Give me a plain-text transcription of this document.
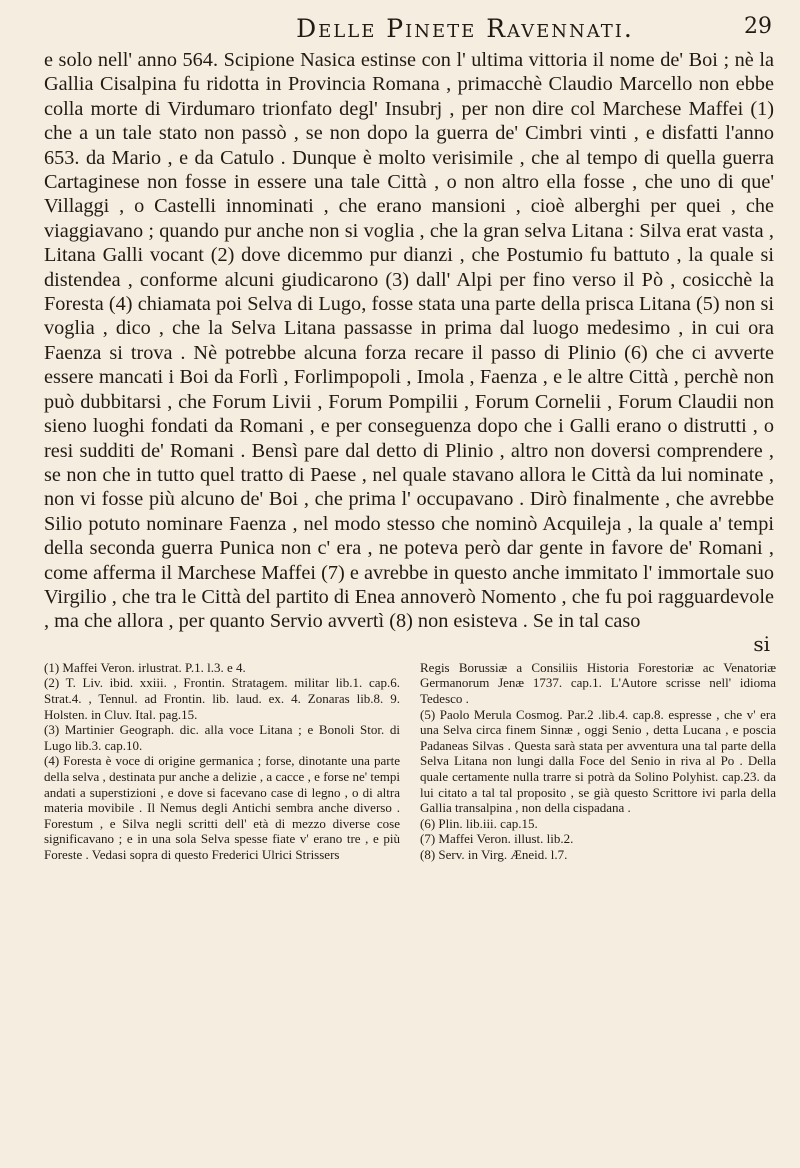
Delle Pinete Ravennati.	29

e solo nell' anno 564. Scipione Nasica estinse con l' ultima vittoria il nome de' Boi ; nè la Gallia Cisalpina fu ridotta in Provincia Romana , primacchè Claudio Marcello non ebbe colla morte di Virdumaro trionfato degl' Insubrj , per non dire col Marchese Maffei (1) che a un tale stato non passò , se non dopo la guerra de' Cimbri vinti , e disfatti l'anno 653. da Mario , e da Catulo . Dunque è molto verisimile , che al tempo di quella guerra Cartaginese non fosse in essere una tale Città , o non altro ella fosse , che uno di que' Villaggi , o Castelli innominati , che erano mansioni , cioè alberghi per quei , che viaggiavano ; quando pur anche non si voglia , che la gran selva Litana : Silva erat vasta , Litana Galli vocant (2) dove dicemmo pur dianzi , che Postumio fu battuto , la quale si distendea , conforme alcuni giudicarono (3) dall' Alpi per fino verso il Pò , cosicchè la Foresta (4) chiamata poi Selva di Lugo, fosse stata una parte della prisca Litana (5) non si voglia , dico , che la Selva Litana passasse in prima dal luogo medesimo , in cui ora Faenza si trova . Nè potrebbe alcuna forza recare il passo di Plinio (6) che ci avverte essere mancati i Boi da Forlì , Forlimpopoli , Imola , Faenza , e le altre Città , perchè non può dubbitarsi , che Forum Livii , Forum Pompilii , Forum Cornelii , Forum Claudii non sieno luoghi fondati da Romani , e per conseguenza dopo che i Galli erano o distrutti , o resi sudditi de' Romani . Bensì pare dal detto di Plinio , altro non doversi comprendere , se non che in tutto quel tratto di Paese , nel quale stavano allora le Città da lui nominate , non vi fosse più alcuno de' Boi , che prima l' occupavano . Dirò finalmente , che avrebbe Silio potuto nominare Faenza , nel modo stesso che nominò Acquileja , la quale a' tempi della seconda guerra Punica non c' era , ne poteva però dar gente in favore de' Romani , come afferma il Marchese Maffei (7) e avrebbe in questo anche immitato l' immortale suo Virgilio , che tra le Città del partito di Enea annoverò Nomento , che fu poi ragguardevole , ma che allora , per quanto Servio avvertì (8) non esisteva . Se in tal caso

si

(1) Maffei Veron. irlustrat. P.1. l.3. e 4.

(2) T. Liv. ibid. xxiii. , Frontin. Stratagem. militar lib.1. cap.6. Strat.4. , Tennul. ad Frontin. lib. laud. ex. 4. Zonaras lib.8. 9. Holsten. in Cluv. Ital. pag.15.

(3) Martinier Geograph. dic. alla voce Litana ; e Bonoli Stor. di Lugo lib.3. cap.10.

(4) Foresta è voce di origine germanica ; forse, dinotante una parte della selva , destinata pur anche a delizie , a cacce , e forse ne' tempi andati a superstizioni , e dove si facevano case di legno , o di altra materia movibile . Il Nemus degli Antichi sembra anche diverso . Forestum , e Silva negli scritti dell' età di mezzo diverse cose significavano ; e in una sola Selva spesse fiate v' erano tre , e più Foreste . Vedasi sopra di questo Frederici Ulrici Strissers

Regis Borussiæ a Consiliis Historia Forestoriæ ac Venatoriæ Germanorum Jenæ 1737. cap.1. L'Autore scrisse nell' idioma Tedesco .

(5) Paolo Merula Cosmog. Par.2 .lib.4. cap.8. espresse , che v' era una Selva circa finem Sinnæ , oggi Senio , detta Lucana , e poscia Padaneas Silvas . Questa sarà stata per avventura una tal parte della Selva Litana non lungi dalla Foce del Senio in riva al Po . Della quale certamente nulla trarre si potrà da Solino Polyhist. cap.23. da lui citato a tal tal proposito , se già questo Scrittore ivi parla della Gallia transalpina , non della cispadana .

(6) Plin. lib.iii. cap.15.

(7) Maffei Veron. illust. lib.2.

(8) Serv. in Virg. Æneid. l.7.
